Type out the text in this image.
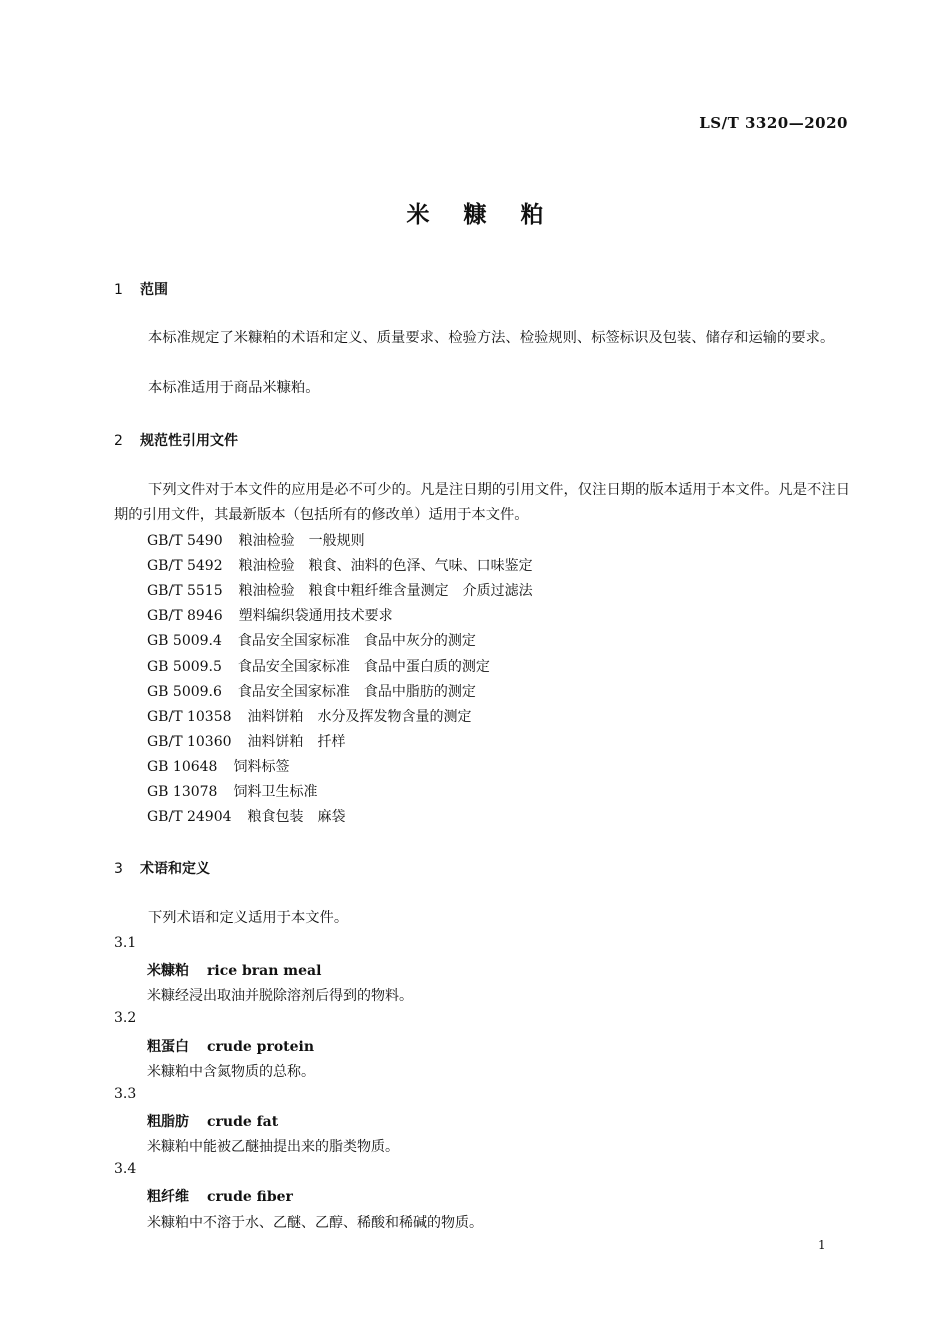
LS/T 3320—2020
米糠粕
1 范围
本标准规定了米糠粕的术语和定义、质量要求、检验方法、检验规则、标签标识及包装、储存和运输的要求。
本标准适用于商品米糠粕。
2 规范性引用文件
下列文件对于本文件的应用是必不可少的。凡是注日期的引用文件，仅注日期的版本适用于本文件。凡是不注日期的引用文件，其最新版本（包括所有的修改单）适用于本文件。
GB/T 5490 粮油检验　一般规则
GB/T 5492 粮油检验　粮食、油料的色泽、气味、口味鉴定
GB/T 5515 粮油检验　粮食中粗纤维含量测定　介质过滤法
GB/T 8946 塑料编织袋通用技术要求
GB 5009.4 食品安全国家标准　食品中灰分的测定
GB 5009.5 食品安全国家标准　食品中蛋白质的测定
GB 5009.6 食品安全国家标准　食品中脂肪的测定
GB/T 10358 油料饼粕　水分及挥发物含量的测定
GB/T 10360 油料饼粕　扦样
GB 10648 饲料标签
GB 13078 饲料卫生标准
GB/T 24904 粮食包装　麻袋
3 术语和定义
下列术语和定义适用于本文件。
3.1
米糠粕 rice bran meal
米糠经浸出取油并脱除溶剂后得到的物料。
3.2
粗蛋白 crude protein
米糠粕中含氮物质的总称。
3.3
粗脂肪 crude fat
米糠粕中能被乙醚抽提出来的脂类物质。
3.4
粗纤维 crude fiber
米糠粕中不溶于水、乙醚、乙醇、稀酸和稀碱的物质。
1
